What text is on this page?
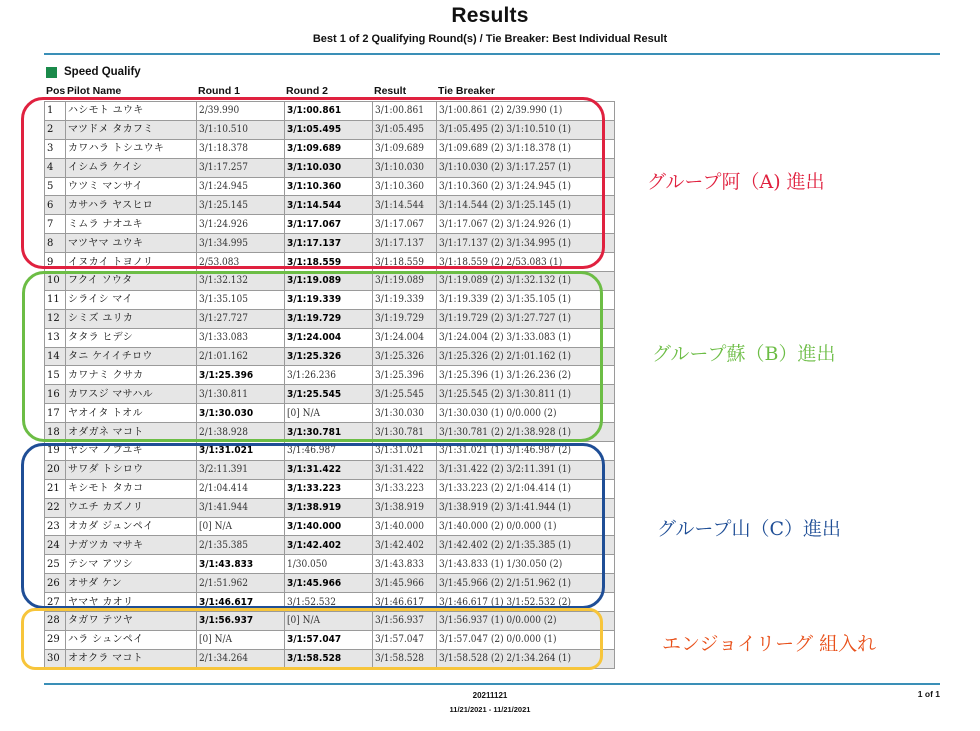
Results
Best 1 of 2 Qualifying Round(s) / Tie Breaker: Best Individual Result
Speed Qualify
Pos Pilot Name	Round 1	Round 2	Result	Tie Breaker
1	ハシモト ユウキ	2/39.990	3/1:00.861	3/1:00.861	3/1:00.861 (2) 2/39.990 (1)
2	マツドメ タカフミ	3/1:10.510	3/1:05.495	3/1:05.495	3/1:05.495 (2) 3/1:10.510 (1)
3	カワハラ トシユウキ	3/1:18.378	3/1:09.689	3/1:09.689	3/1:09.689 (2) 3/1:18.378 (1)
4	イシムラ ケイシ	3/1:17.257	3/1:10.030	3/1:10.030	3/1:10.030 (2) 3/1:17.257 (1)
5	ウツミ マンサイ	3/1:24.945	3/1:10.360	3/1:10.360	3/1:10.360 (2) 3/1:24.945 (1)
6	カサハラ ヤスヒロ	3/1:25.145	3/1:14.544	3/1:14.544	3/1:14.544 (2) 3/1:25.145 (1)
7	ミムラ ナオユキ	3/1:24.926	3/1:17.067	3/1:17.067	3/1:17.067 (2) 3/1:24.926 (1)
8	マツヤマ ユウキ	3/1:34.995	3/1:17.137	3/1:17.137	3/1:17.137 (2) 3/1:34.995 (1)
9	イヌカイ トヨノリ	2/53.083	3/1:18.559	3/1:18.559	3/1:18.559 (2) 2/53.083 (1)
10	フクイ ソウタ	3/1:32.132	3/1:19.089	3/1:19.089	3/1:19.089 (2) 3/1:32.132 (1)
11	シライシ マイ	3/1:35.105	3/1:19.339	3/1:19.339	3/1:19.339 (2) 3/1:35.105 (1)
12	シミズ ユリカ	3/1:27.727	3/1:19.729	3/1:19.729	3/1:19.729 (2) 3/1:27.727 (1)
13	タタラ ヒデシ	3/1:33.083	3/1:24.004	3/1:24.004	3/1:24.004 (2) 3/1:33.083 (1)
14	タニ ケイイチロウ	2/1:01.162	3/1:25.326	3/1:25.326	3/1:25.326 (2) 2/1:01.162 (1)
15	カワナミ クサカ	3/1:25.396	3/1:26.236	3/1:25.396	3/1:25.396 (1) 3/1:26.236 (2)
16	カワスジ マサハル	3/1:30.811	3/1:25.545	3/1:25.545	3/1:25.545 (2) 3/1:30.811 (1)
17	ヤオイタ トオル	3/1:30.030	[0] N/A	3/1:30.030	3/1:30.030 (1) 0/0.000 (2)
18	オダガネ マコト	2/1:38.928	3/1:30.781	3/1:30.781	3/1:30.781 (2) 2/1:38.928 (1)
19	ヤシマ ノブユキ	3/1:31.021	3/1:46.987	3/1:31.021	3/1:31.021 (1) 3/1:46.987 (2)
20	サワダ トシロウ	3/2:11.391	3/1:31.422	3/1:31.422	3/1:31.422 (2) 3/2:11.391 (1)
21	キシモト タカコ	2/1:04.414	3/1:33.223	3/1:33.223	3/1:33.223 (2) 2/1:04.414 (1)
22	ウエチ カズノリ	3/1:41.944	3/1:38.919	3/1:38.919	3/1:38.919 (2) 3/1:41.944 (1)
23	オカダ ジュンペイ	[0] N/A	3/1:40.000	3/1:40.000	3/1:40.000 (2) 0/0.000 (1)
24	ナガツカ マサキ	2/1:35.385	3/1:42.402	3/1:42.402	3/1:42.402 (2) 2/1:35.385 (1)
25	テシマ アツシ	3/1:43.833	1/30.050	3/1:43.833	3/1:43.833 (1) 1/30.050 (2)
26	オサダ ケン	2/1:51.962	3/1:45.966	3/1:45.966	3/1:45.966 (2) 2/1:51.962 (1)
27	ヤマヤ カオリ	3/1:46.617	3/1:52.532	3/1:46.617	3/1:46.617 (1) 3/1:52.532 (2)
28	タガワ テツヤ	3/1:56.937	[0] N/A	3/1:56.937	3/1:56.937 (1) 0/0.000 (2)
29	ハラ シュンペイ	[0] N/A	3/1:57.047	3/1:57.047	3/1:57.047 (2) 0/0.000 (1)
30	オオクラ マコト	2/1:34.264	3/1:58.528	3/1:58.528	3/1:58.528 (2) 2/1:34.264 (1)
グループ阿（A) 進出
グループ蘇（B）進出
グループ山（C）進出
エンジョイリーグ 組入れ
20211121
11/21/2021 - 11/21/2021
1 of 1
